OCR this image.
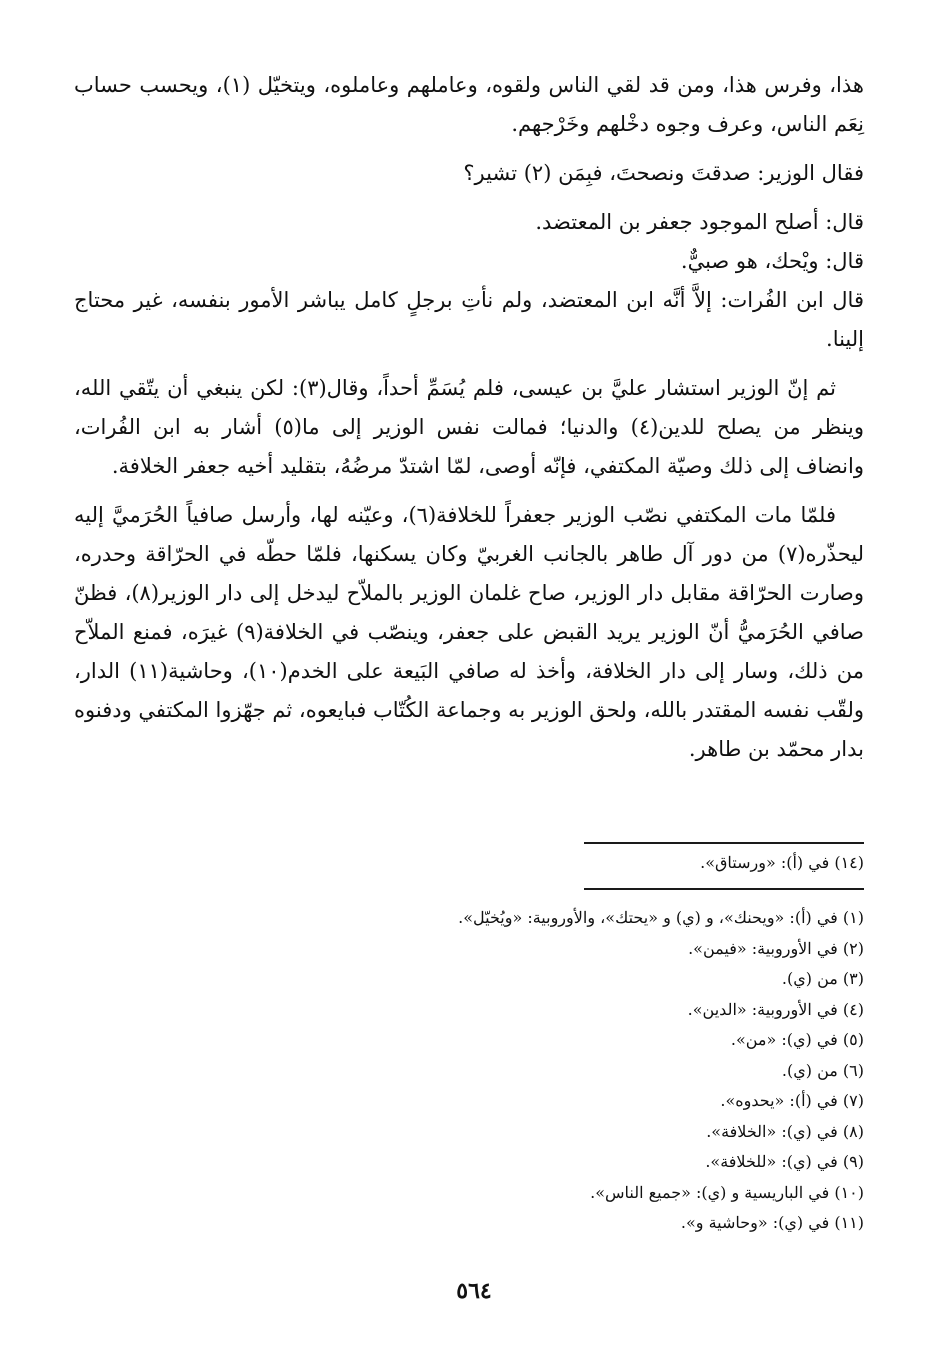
هذا، وفرس هذا، ومن قد لقي الناس ولقوه، وعاملهم وعاملوه، ويتخيّل (١)، ويحسب حساب نِعَم الناس، وعرف وجوه دخْلهم وخَرْجهم.

فقال الوزير: صدقتَ ونصحتَ، فبِمَن (٢) تشير؟

قال: أصلح الموجود جعفر بن المعتضد.

قال: ويْحك، هو صبيٌّ.

قال ابن الفُرات: إلاَّ أنَّه ابن المعتضد، ولم نأتِ برجلٍ كامل يباشر الأمور بنفسه، غير محتاج إلينا.

ثم إنّ الوزير استشار عليَّ بن عيسى، فلم يُسَمِّ أحداً، وقال(٣): لكن ينبغي أن يتّقي الله، وينظر من يصلح للدين(٤) والدنيا؛ فمالت نفس الوزير إلى ما(٥) أشار به ابن الفُرات، وانضاف إلى ذلك وصيّة المكتفي، فإنّه أوصى، لمّا اشتدّ مرضُهُ، بتقليد أخيه جعفر الخلافة.

فلمّا مات المكتفي نصّب الوزير جعفراً للخلافة(٦)، وعيّنه لها، وأرسل صافياً الحُرَميَّ إليه ليحذّره(٧) من دور آل طاهر بالجانب الغربيّ وكان يسكنها، فلمّا حطّه في الحرّاقة وحدره، وصارت الحرّاقة مقابل دار الوزير، صاح غلمان الوزير بالملاّح ليدخل إلى دار الوزير(٨)، فظنّ صافي الحُرَميُّ أنّ الوزير يريد القبض على جعفر، وينصّب في الخلافة(٩) غيرَه، فمنع الملاّح من ذلك، وسار إلى دار الخلافة، وأخذ له صافي البَيعة على الخدم(١٠)، وحاشية(١١) الدار، ولقّب نفسه المقتدر بالله، ولحق الوزير به وجماعة الكُتّاب فبايعوه، ثم جهّزوا المكتفي ودفنوه بدار محمّد بن طاهر.

(١٤) في (أ): «ورستاق».

(١) في (أ): «ويحنك»، و (ي) و «يحتك»، والأوروبية: «ويُخيّل».
(٢) في الأوروبية: «فيمن».
(٣) من (ي).
(٤) في الأوروبية: «الدين».
(٥) في (ي): «من».
(٦) من (ي).
(٧) في (أ): «يحدوه».
(٨) في (ي): «الخلافة».
(٩) في (ي): «للخلافة».
(١٠) في الباريسية و (ي): «جميع الناس».
(١١) في (ي): «وحاشية و».
٥٦٤
